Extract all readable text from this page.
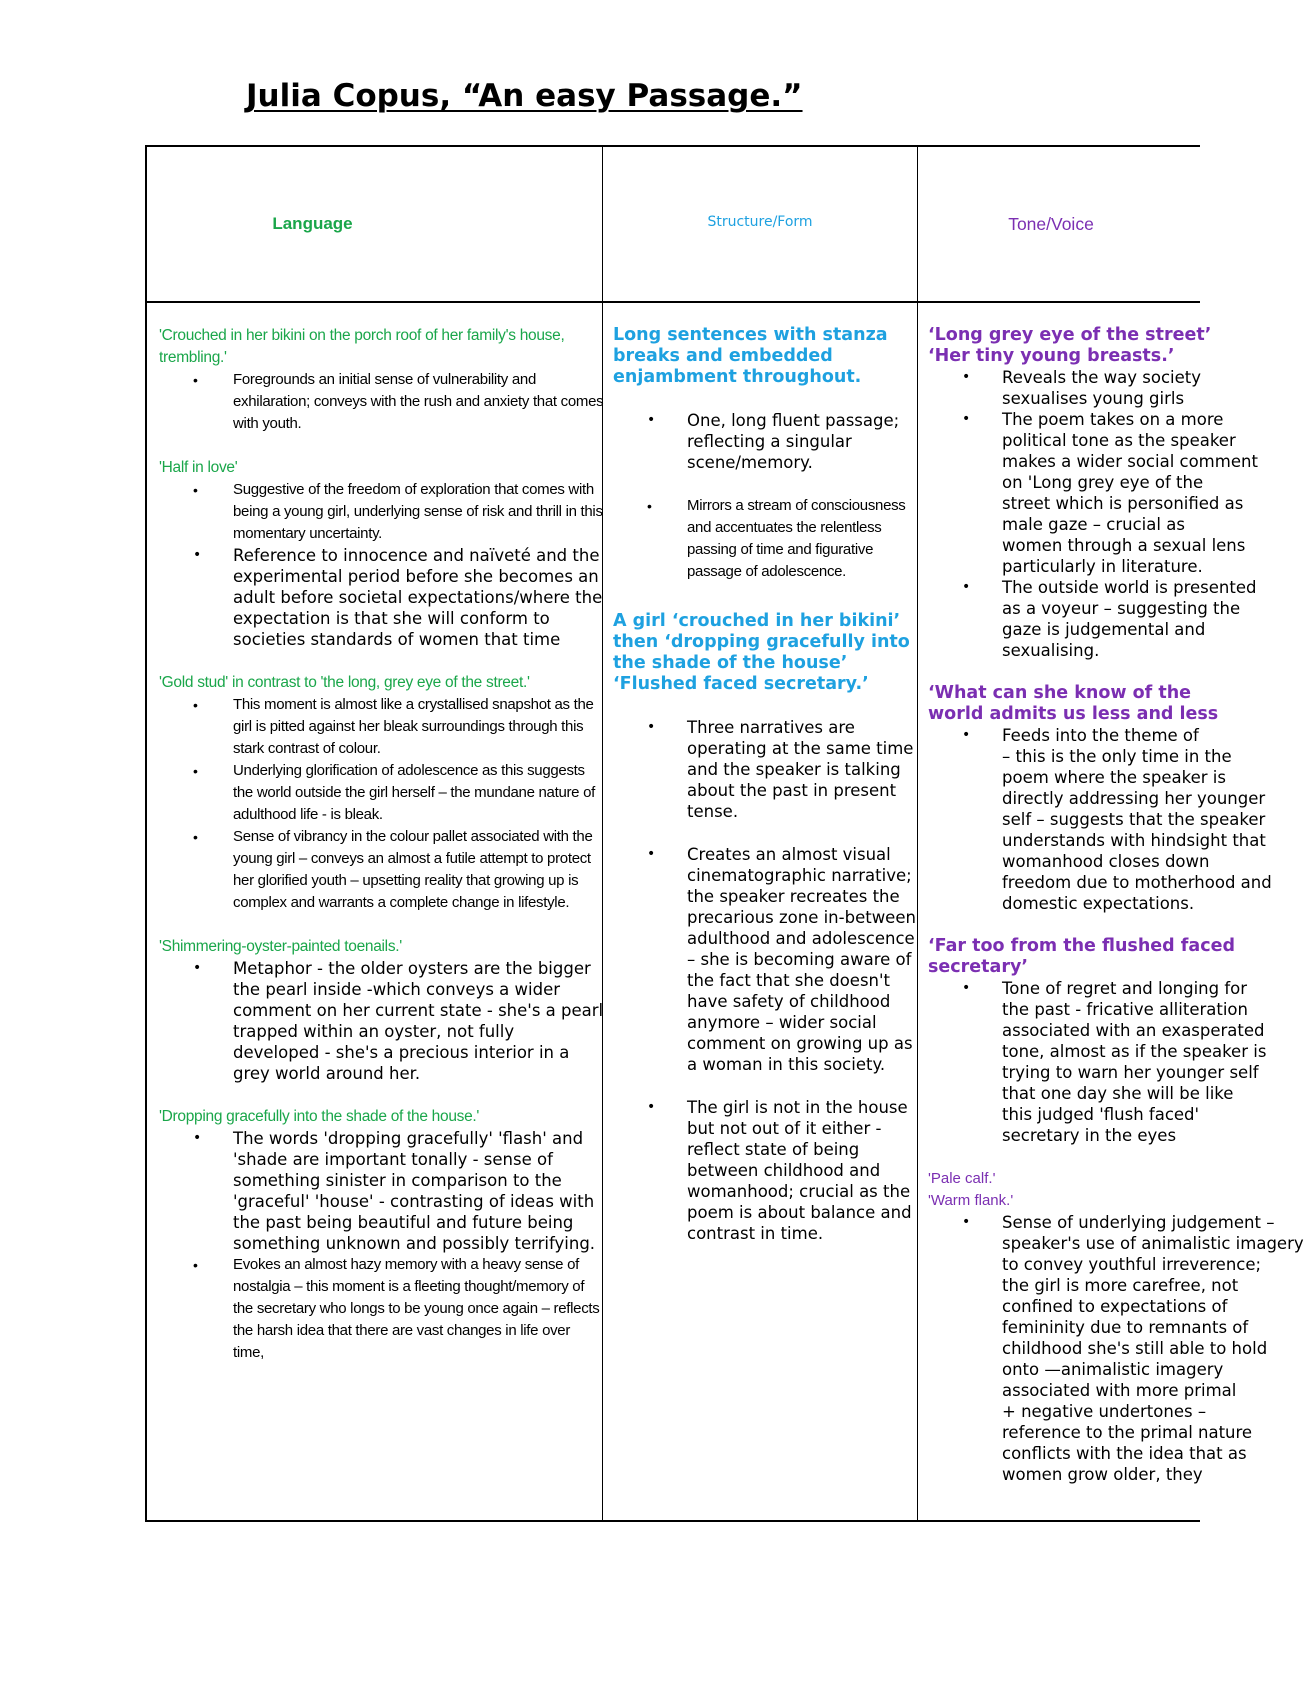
Julia Copus, “An easy Passage.”
Language	Structure/Form	Tone/Voice

'Crouched in her bikini on the porch roof of her family's house, trembling.'

• Foregrounds an initial sense of vulnerability and exhilaration; conveys with the rush and anxiety that comes with youth.

'Half in love'

• Suggestive of the freedom of exploration that comes with being a young girl, underlying sense of risk and thrill in this momentary uncertainty.
• Reference to innocence and naïveté and the experimental period before she becomes an adult before societal expectations/where the expectation is that she will conform to societies standards of women that time

'Gold stud' in contrast to 'the long, grey eye of the street.'

• This moment is almost like a crystallised snapshot as the girl is pitted against her bleak surroundings through this stark contrast of colour.
• Underlying glorification of adolescence as this suggests the world outside the girl herself – the mundane nature of adulthood life - is bleak.
• Sense of vibrancy in the colour pallet associated with the young girl – conveys an almost a futile attempt to protect her glorified youth – upsetting reality that growing up is complex and warrants a complete change in lifestyle.

'Shimmering-oyster-painted toenails.'

• Metaphor - the older oysters are the bigger the pearl inside -which conveys a wider comment on her current state - she's a pearl trapped within an oyster, not fully developed - she's a precious interior in a grey world around her.

'Dropping gracefully into the shade of the house.'

• The words 'dropping gracefully' 'flash' and 'shade are important tonally - sense of something sinister in comparison to the 'graceful' 'house' - contrasting of ideas with the past being beautiful and future being something unknown and possibly terrifying.
• Evokes an almost hazy memory with a heavy sense of nostalgia – this moment is a fleeting thought/memory of the secretary who longs to be young once again – reflects the harsh idea that there are vast changes in life over time,

Long sentences with stanza breaks and embedded enjambment throughout.

• One, long fluent passage; reflecting a singular scene/memory.
• Mirrors a stream of consciousness and accentuates the relentless passing of time and figurative passage of adolescence.

A girl ‘crouched in her bikini’ then ‘dropping gracefully into the shade of the house’

‘Flushed faced secretary.’

• Three narratives are operating at the same time and the speaker is talking about the past in present tense.
• Creates an almost visual cinematographic narrative; the speaker recreates the precarious zone in-between adulthood and adolescence – she is becoming aware of the fact that she doesn't have safety of childhood anymore – wider social comment on growing up as a woman in this society.
• The girl is not in the house but not out of it either - reflect state of being between childhood and womanhood; crucial as the poem is about balance and contrast in time.

‘Long grey eye of the street’

‘Her tiny young breasts.’

• Reveals the way society
sexualises young girls
• The poem takes on a more
political tone as the speaker
makes a wider social comment
on 'Long grey eye of the
street which is personified as
male gaze – crucial as
women through a sexual lens
particularly in literature.
• The outside world is presented
as a voyeur – suggesting the
gaze is judgemental and
sexualising.

‘What can she know of the

world admits us less and less

• Feeds into the theme of
– this is the only time in the
poem where the speaker is
directly addressing her younger
self – suggests that the speaker
understands with hindsight that
womanhood closes down
freedom due to motherhood and
domestic expectations.

‘Far too from the flushed faced

secretary’

• Tone of regret and longing for
the past - fricative alliteration
associated with an exasperated
tone, almost as if the speaker is
trying to warn her younger self
that one day she will be like
this judged 'flush faced'
secretary in the eyes

'Pale calf.'

'Warm flank.'

• Sense of underlying judgement –
speaker's use of animalistic imagery
to convey youthful irreverence;
the girl is more carefree, not
confined to expectations of
femininity due to remnants of
childhood she's still able to hold
onto —animalistic imagery
associated with more primal
+ negative undertones –
reference to the primal nature
conflicts with the idea that as
women grow older, they
